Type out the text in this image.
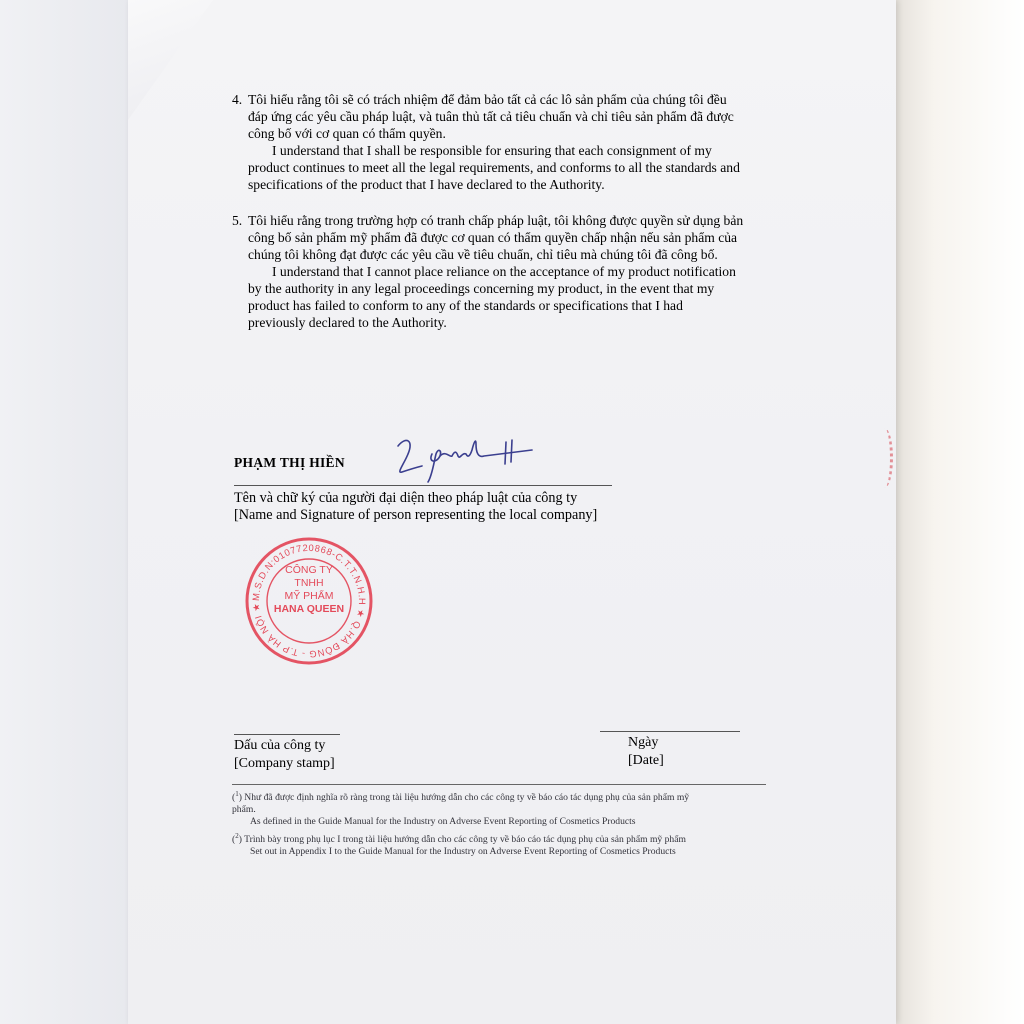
4. Tôi hiểu rằng tôi sẽ có trách nhiệm để đảm bảo tất cả các lô sản phẩm của chúng tôi đều

đáp ứng các yêu cầu pháp luật, và tuân thủ tất cả tiêu chuẩn và chỉ tiêu sản phẩm đã được

công bố với cơ quan có thẩm quyền.

I understand that I shall be responsible for ensuring that each consignment of my

product continues to meet all the legal requirements, and conforms to all the standards and

specifications of the product that I have declared to the Authority.

5. Tôi hiểu rằng trong trường hợp có tranh chấp pháp luật, tôi không được quyền sử dụng bản

công bố sản phẩm mỹ phẩm đã được cơ quan có thẩm quyền chấp nhận nếu sản phẩm của

chúng tôi không đạt được các yêu cầu về tiêu chuẩn, chỉ tiêu mà chúng tôi đã công bố.

I understand that I cannot place reliance on the acceptance of my product notification

by the authority in any legal proceedings concerning my product, in the event that my

product has failed to conform to any of the standards or specifications that I had

previously declared to the Authority.

PHẠM THỊ HIỀN
Tên và chữ ký của người đại diện theo pháp luật của công ty
[Name and Signature of person representing the local company]
M.S.D.N:0107720868-C.T.T.N.H.H ★ Q.HÀ ĐÔNG - T.P HÀ NỘI ★
CÔNG TY
TNHH
MỸ PHẨM
HANA QUEEN
Dấu của công ty
[Company stamp]
Ngày
[Date]
($^1$) Như đã được định nghĩa rõ ràng trong tài liệu hướng dẫn cho các công ty về báo cáo tác dụng phụ của sản phẩm mỹ
phẩm.
As defined in the Guide Manual for the Industry on Adverse Event Reporting of Cosmetics Products
($^2$) Trình bày trong phụ lục I trong tài liệu hướng dẫn cho các công ty về báo cáo tác dụng phụ của sản phẩm mỹ phẩm
Set out in Appendix I to the Guide Manual for the Industry on Adverse Event Reporting of Cosmetics Products
